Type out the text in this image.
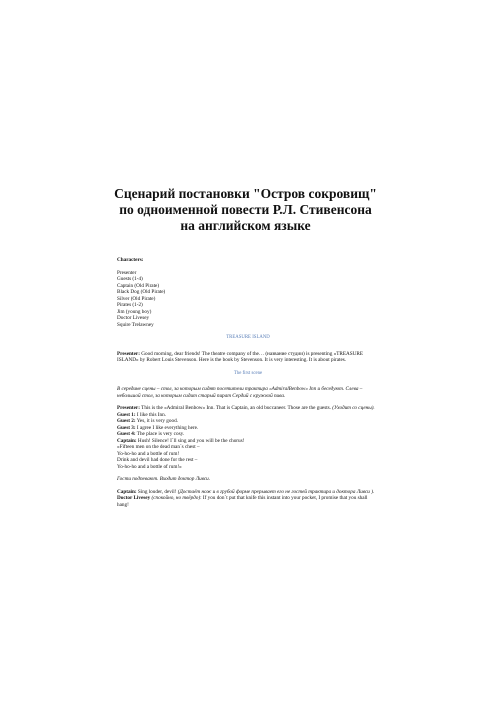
Сценарий постановки "Остров сокровищ"
по одноименной повести Р.Л. Стивенсона
на английском языке

Characters:

Presenter
Guests (1-4)
Captain (Old Pirate)
Black Dog (Old Pirate)
Silver (Old Pirate)
Pirates (1-2)
Jim (young boy)
Doctor Livesey
Squire Trelawney

TREASURE ISLAND

Presenter: Good morning, dear friends! The theatre company of the… (название студии) is presenting «TREASURE ISLAND» by Robert Louis Stevenson. Here is the book by Stevenson. It is very interesting. It is about pirates.

The first scene

В середине сцены – стол, за которым сидят посетители трактира «AdmiralBenbow» Inn и беседуют. Слева – небольшой стол, за которым сидит старый пират Сердий с кружкой пива.

Presenter: This is the «Admiral Benbow» Inn. That is Captain, an old buccaneer. Those are the guests. (Уходит со сцены).

Guest 1: I like this Inn.
Guest 2: Yes, it is very good.
Guest 3: I agree I like everything here.
Guest 4: The place is very cosy.
Captain: Hush! Silence! I`ll sing and you will be the chorus!
«Fifteen men on the dead man`s chest –
Yo-ho-ho and a bottle of rum!
Drink and devil had done for the rest –
Yo-ho-ho and a bottle of rum!»

Гости подпевают. Входит доктор Ливси.

Captain: Sing louder, devil! (Достаёт нож и в грубой форме прерывает его не гостей трактира и доктора Ливси ).

Doctor Livesey (спокойно, но твёрдо): If you don`t put that knife this instant into your pocket, I promise that you shall hang!
